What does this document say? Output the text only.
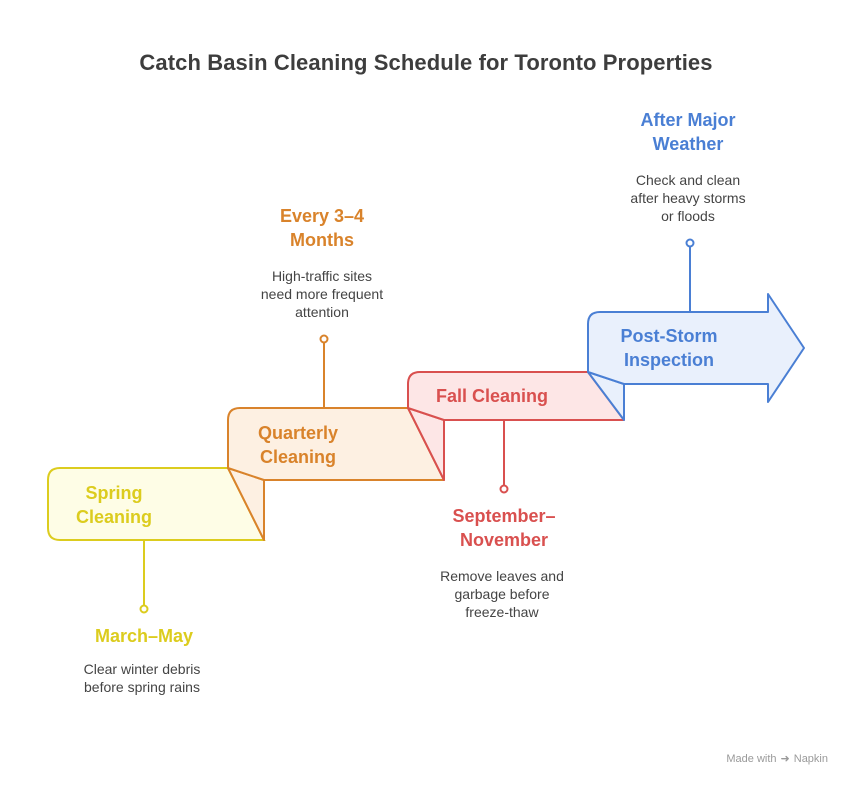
Catch Basin Cleaning Schedule for Toronto Properties
Spring
Cleaning
Quarterly
Cleaning
Fall Cleaning
Post-Storm
Inspection
March–May
Clear winter debris
before spring rains
Every 3–4
Months
High-traffic sites
need more frequent
attention
September–
November
Remove leaves and
garbage before
freeze-thaw
After Major
Weather
Check and clean
after heavy storms
or floods
Made with ➜ Napkin
